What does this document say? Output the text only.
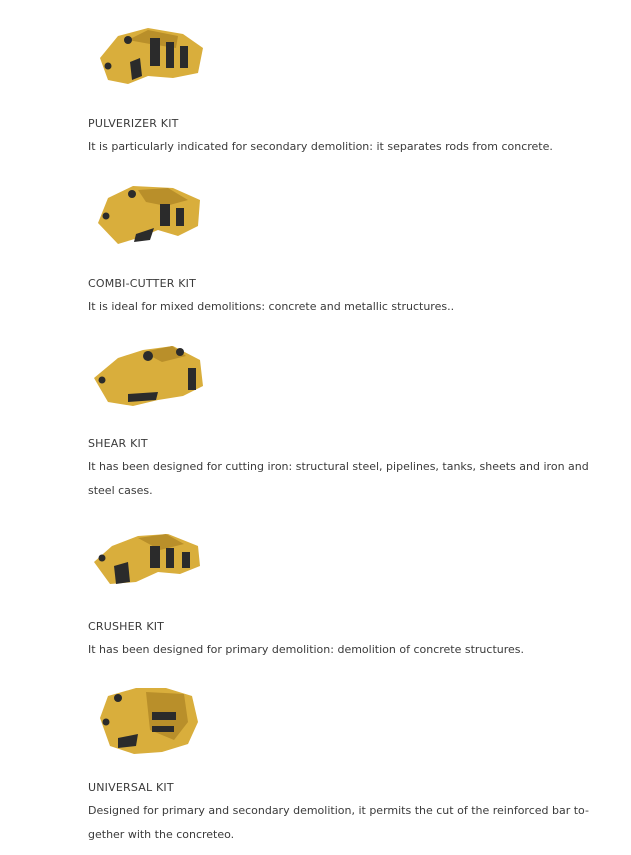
PULVERIZER KIT
It is particularly indicated for secondary demolition: it separates rods from concrete.
COMBI-CUTTER KIT
It is ideal for mixed demolitions: concrete and metallic structures..
SHEAR KIT
It has been designed for cutting iron: structural steel, pipelines, tanks, sheets and iron and steel cases.
CRUSHER KIT
It has been designed for primary demolition: demolition of concrete structures.
UNIVERSAL KIT
Designed for primary and secondary demolition, it permits the cut of the reinforced bar to-gether with the concreteo.
